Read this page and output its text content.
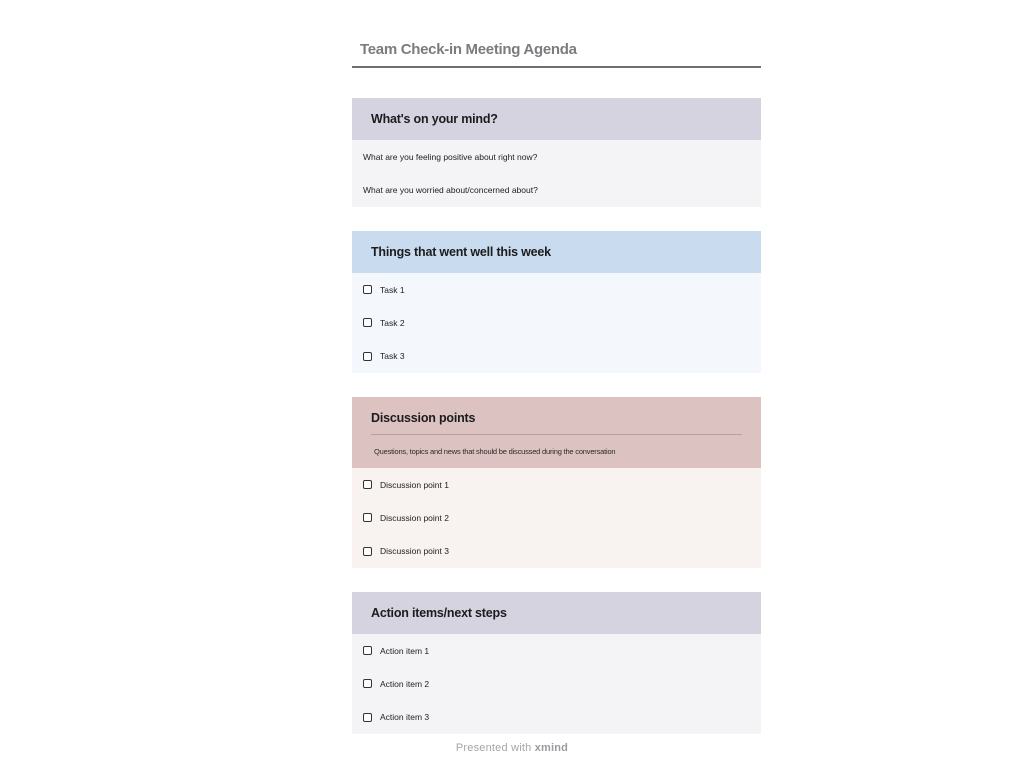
Team Check-in Meeting Agenda
What's on your mind?
What are you feeling positive about right now?
What are you worried about/concerned about?
Things that went well this week
Task 1
Task 2
Task 3
Discussion points
Questions, topics and news that should be discussed during the conversation
Discussion point 1
Discussion point 2
Discussion point 3
Action items/next steps
Action item 1
Action item 2
Action item 3
Presented with xmind
